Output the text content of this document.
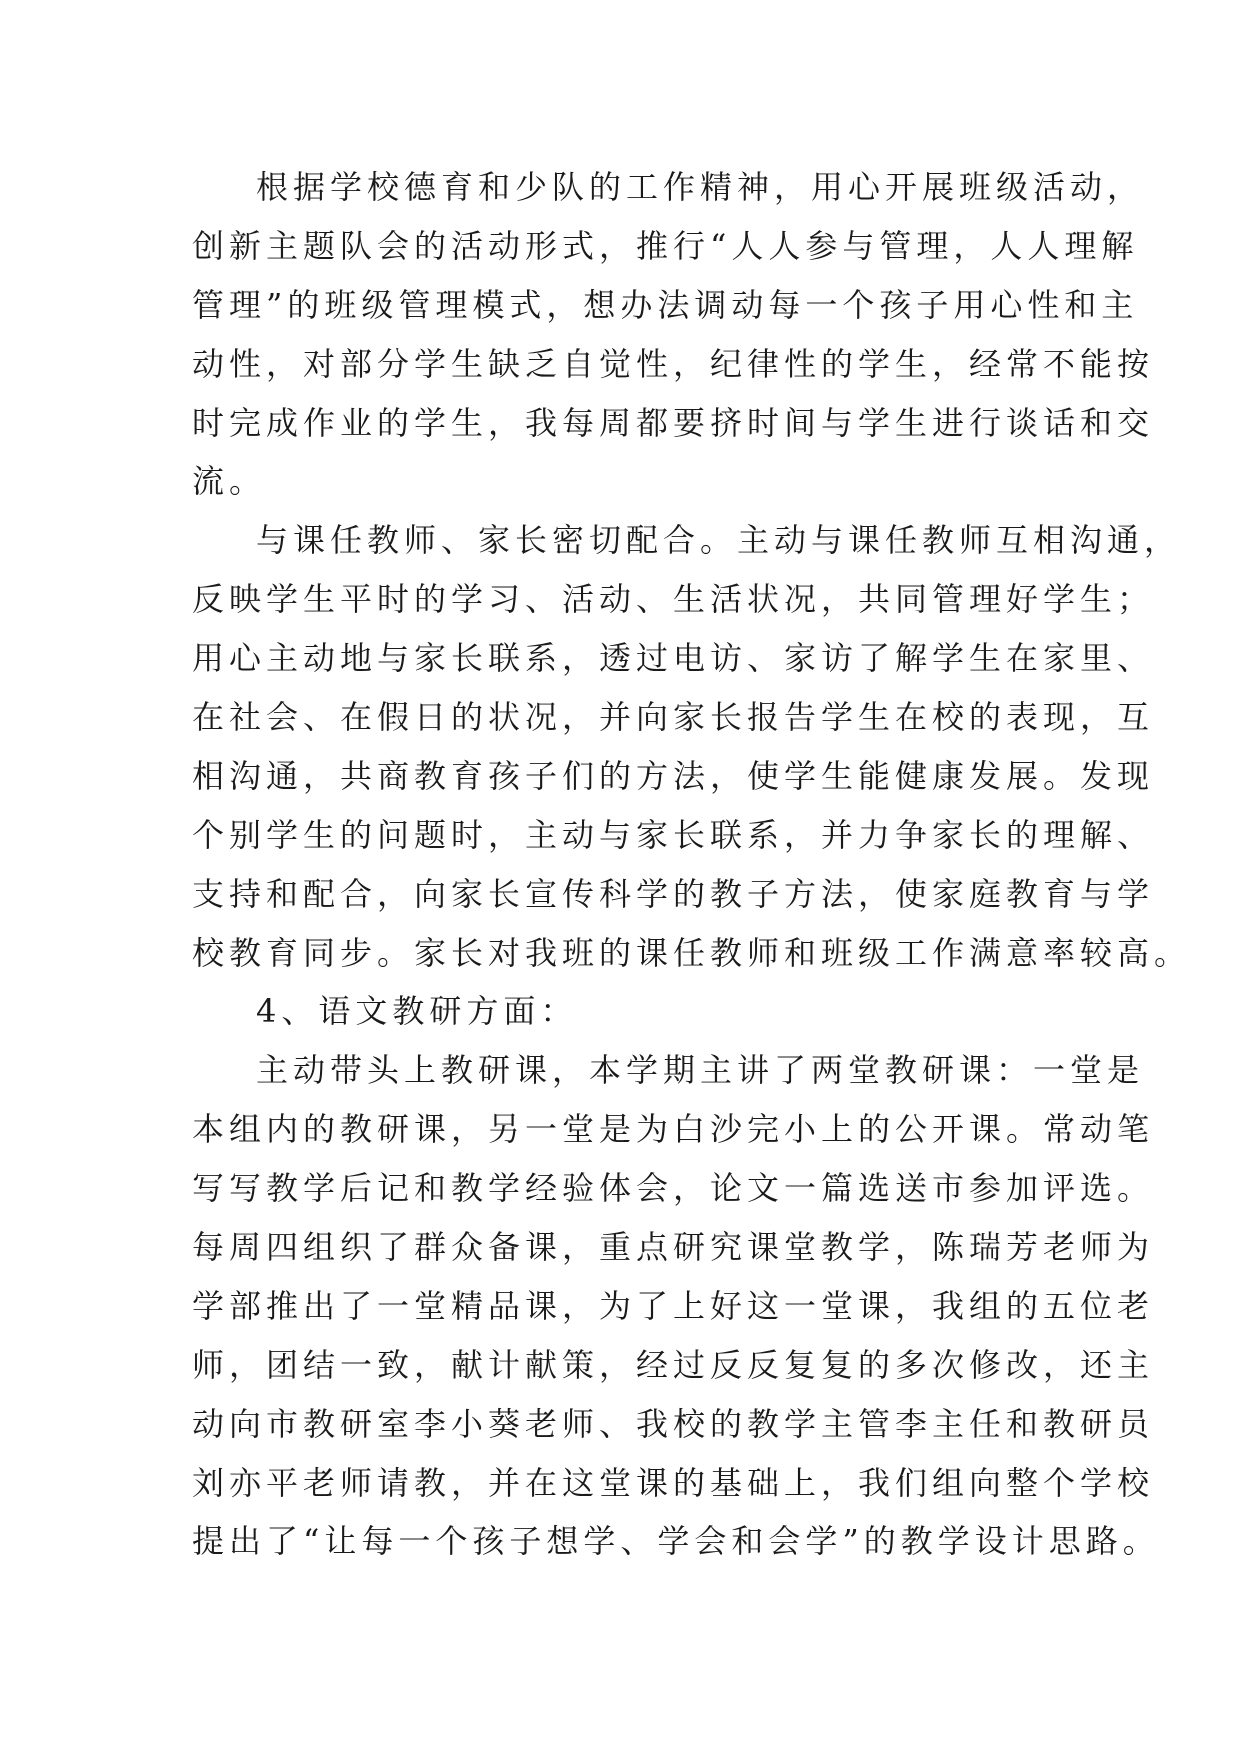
根据学校德育和少队的工作精神，用心开展班级活动，
创新主题队会的活动形式，推行“人人参与管理，人人理解
管理”的班级管理模式，想办法调动每一个孩子用心性和主
动性，对部分学生缺乏自觉性，纪律性的学生，经常不能按
时完成作业的学生，我每周都要挤时间与学生进行谈话和交
流。
与课任教师、家长密切配合。主动与课任教师互相沟通，
反映学生平时的学习、活动、生活状况，共同管理好学生；
用心主动地与家长联系，透过电访、家访了解学生在家里、
在社会、在假日的状况，并向家长报告学生在校的表现，互
相沟通，共商教育孩子们的方法，使学生能健康发展。发现
个别学生的问题时，主动与家长联系，并力争家长的理解、
支持和配合，向家长宣传科学的教子方法，使家庭教育与学
校教育同步。家长对我班的课任教师和班级工作满意率较高。
4、语文教研方面：
主动带头上教研课，本学期主讲了两堂教研课：一堂是
本组内的教研课，另一堂是为白沙完小上的公开课。常动笔
写写教学后记和教学经验体会，论文一篇选送市参加评选。
每周四组织了群众备课，重点研究课堂教学，陈瑞芳老师为
学部推出了一堂精品课，为了上好这一堂课，我组的五位老
师，团结一致，献计献策，经过反反复复的多次修改，还主
动向市教研室李小葵老师、我校的教学主管李主任和教研员
刘亦平老师请教，并在这堂课的基础上，我们组向整个学校
提出了“让每一个孩子想学、学会和会学”的教学设计思路。
